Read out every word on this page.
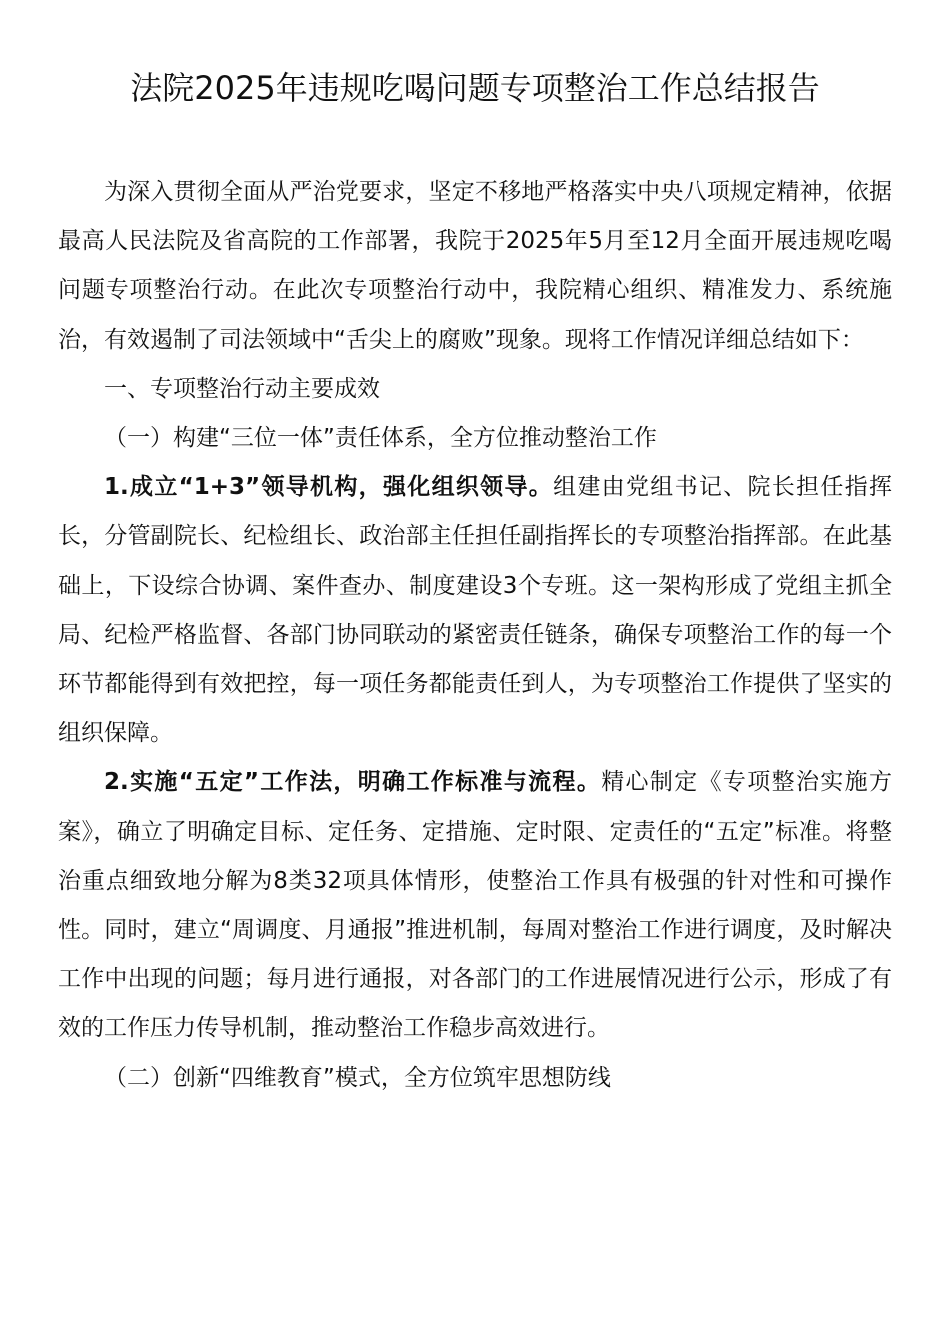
法院2025年违规吃喝问题专项整治工作总结报告

为深入贯彻全面从严治党要求，坚定不移地严格落实中央八项规定精神，依据最高人民法院及省高院的工作部署，我院于2025年5月至12月全面开展违规吃喝问题专项整治行动。在此次专项整治行动中，我院精心组织、精准发力、系统施治，有效遏制了司法领域中“舌尖上的腐败”现象。现将工作情况详细总结如下：

一、专项整治行动主要成效

（一）构建“三位一体”责任体系，全方位推动整治工作

1.成立“1+3”领导机构，强化组织领导。组建由党组书记、院长担任指挥长，分管副院长、纪检组长、政治部主任担任副指挥长的专项整治指挥部。在此基础上，下设综合协调、案件查办、制度建设3个专班。这一架构形成了党组主抓全局、纪检严格监督、各部门协同联动的紧密责任链条，确保专项整治工作的每一个环节都能得到有效把控，每一项任务都能责任到人，为专项整治工作提供了坚实的组织保障。

2.实施“五定”工作法，明确工作标准与流程。精心制定《专项整治实施方案》，确立了明确定目标、定任务、定措施、定时限、定责任的“五定”标准。将整治重点细致地分解为8类32项具体情形，使整治工作具有极强的针对性和可操作性。同时，建立“周调度、月通报”推进机制，每周对整治工作进行调度，及时解决工作中出现的问题；每月进行通报，对各部门的工作进展情况进行公示，形成了有效的工作压力传导机制，推动整治工作稳步高效进行。

（二）创新“四维教育”模式，全方位筑牢思想防线
